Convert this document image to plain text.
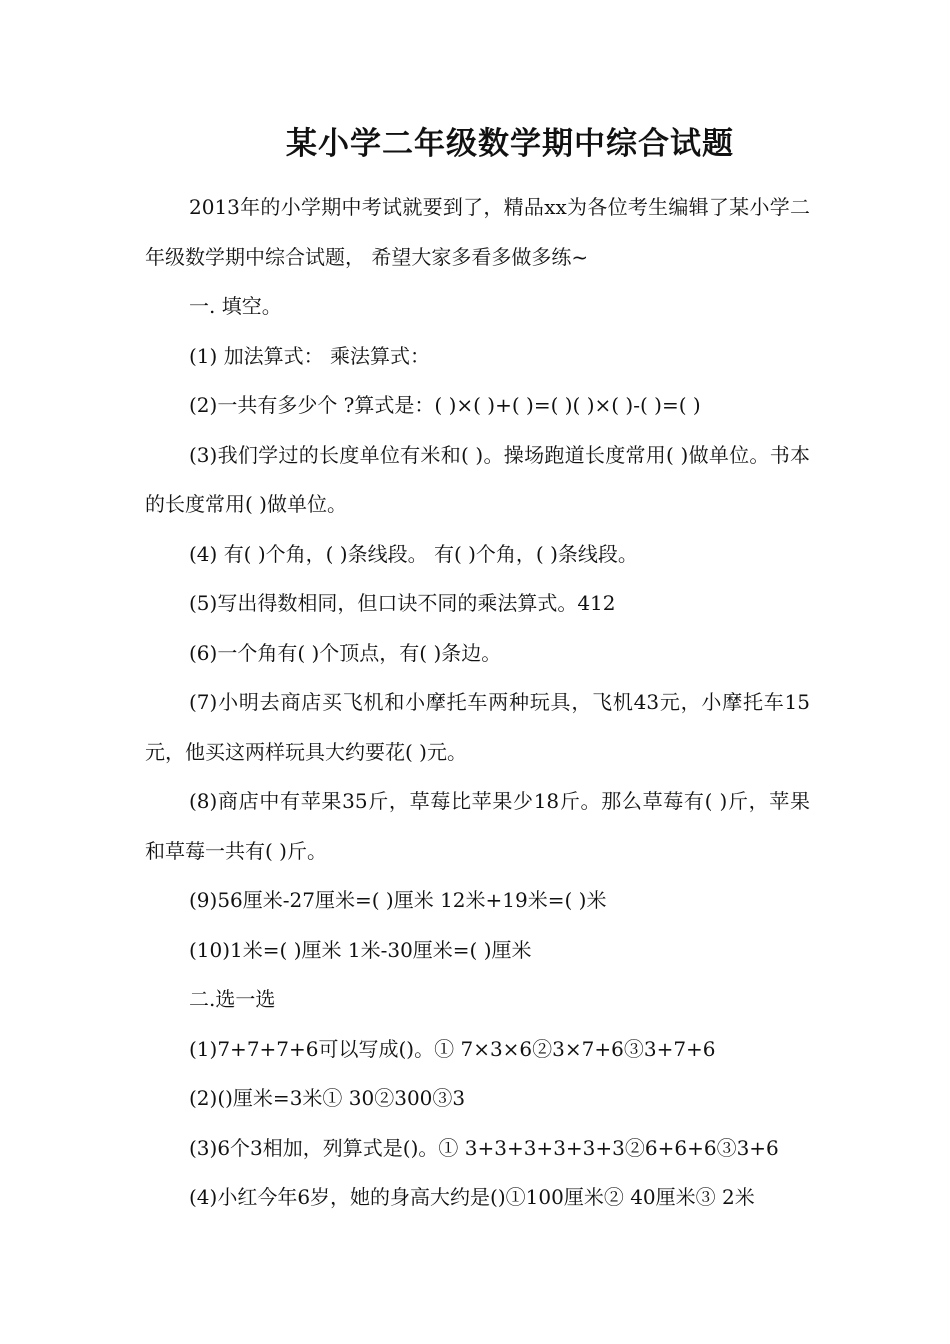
某小学二年级数学期中综合试题

2013年的小学期中考试就要到了，精品xx为各位考生编辑了某小学二年级数学期中综合试题， 希望大家多看多做多练~

一. 填空。

(1) 加法算式： 乘法算式：

(2)一共有多少个 ?算式是：( )×( )+( )=( )( )×( )-( )=( )

(3)我们学过的长度单位有米和( )。操场跑道长度常用( )做单位。书本的长度常用( )做单位。

(4) 有( )个角，( )条线段。 有( )个角，( )条线段。

(5)写出得数相同，但口诀不同的乘法算式。412

(6)一个角有( )个顶点，有( )条边。

(7)小明去商店买飞机和小摩托车两种玩具，飞机43元，小摩托车15元，他买这两样玩具大约要花( )元。

(8)商店中有苹果35斤，草莓比苹果少18斤。那么草莓有( )斤，苹果和草莓一共有( )斤。

(9)56厘米-27厘米=( )厘米 12米+19米=( )米

(10)1米=( )厘米 1米-30厘米=( )厘米

二.选一选

(1)7+7+7+6可以写成()。① 7×3×6②3×7+6③3+7+6

(2)()厘米=3米① 30②300③3

(3)6个3相加，列算式是()。① 3+3+3+3+3+3②6+6+6③3+6

(4)小红今年6岁，她的身高大约是()①100厘米② 40厘米③ 2米
